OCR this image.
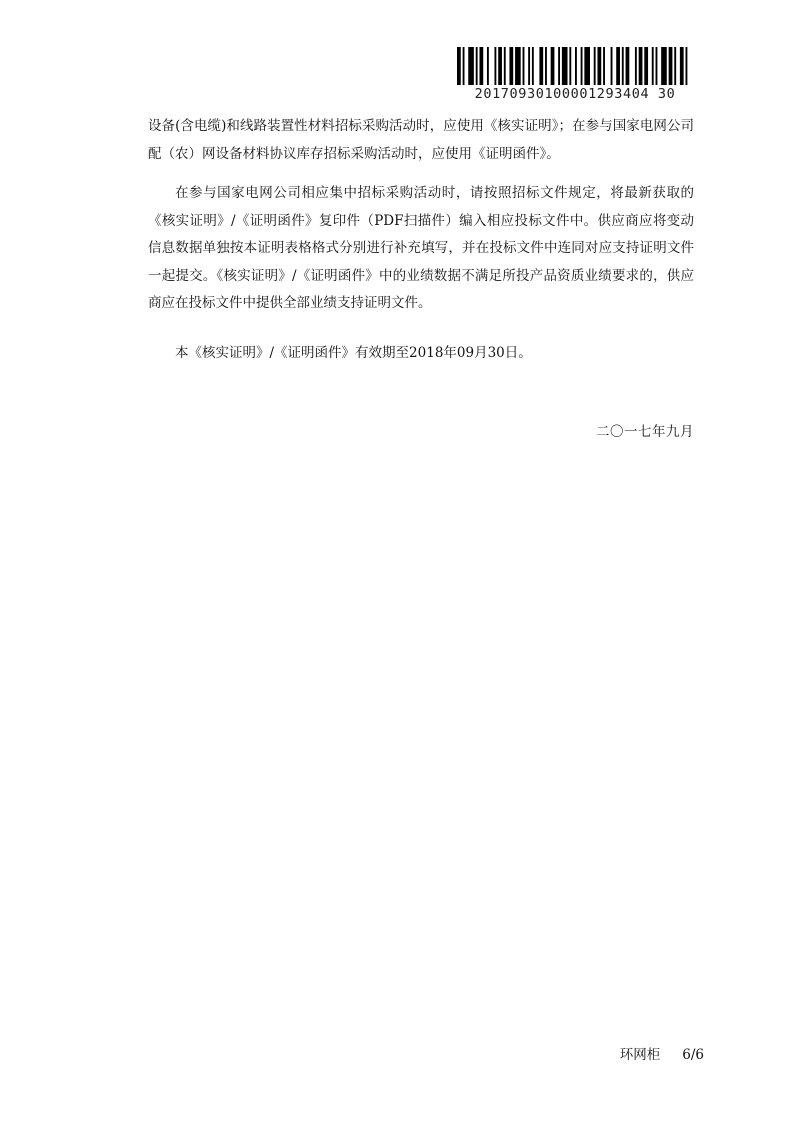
20170930100001293404 30

设备(含电缆)和线路装置性材料招标采购活动时，应使用《核实证明》；在参与国家电网公司配（农）网设备材料协议库存招标采购活动时，应使用《证明函件》。

在参与国家电网公司相应集中招标采购活动时，请按照招标文件规定，将最新获取的《核实证明》/《证明函件》复印件（PDF扫描件）编入相应投标文件中。供应商应将变动信息数据单独按本证明表格格式分别进行补充填写，并在投标文件中连同对应支持证明文件一起提交。《核实证明》/《证明函件》中的业绩数据不满足所投产品资质业绩要求的，供应商应在投标文件中提供全部业绩支持证明文件。

本《核实证明》/《证明函件》有效期至2018年09月30日。

二〇一七年九月
环网柜 6/6
